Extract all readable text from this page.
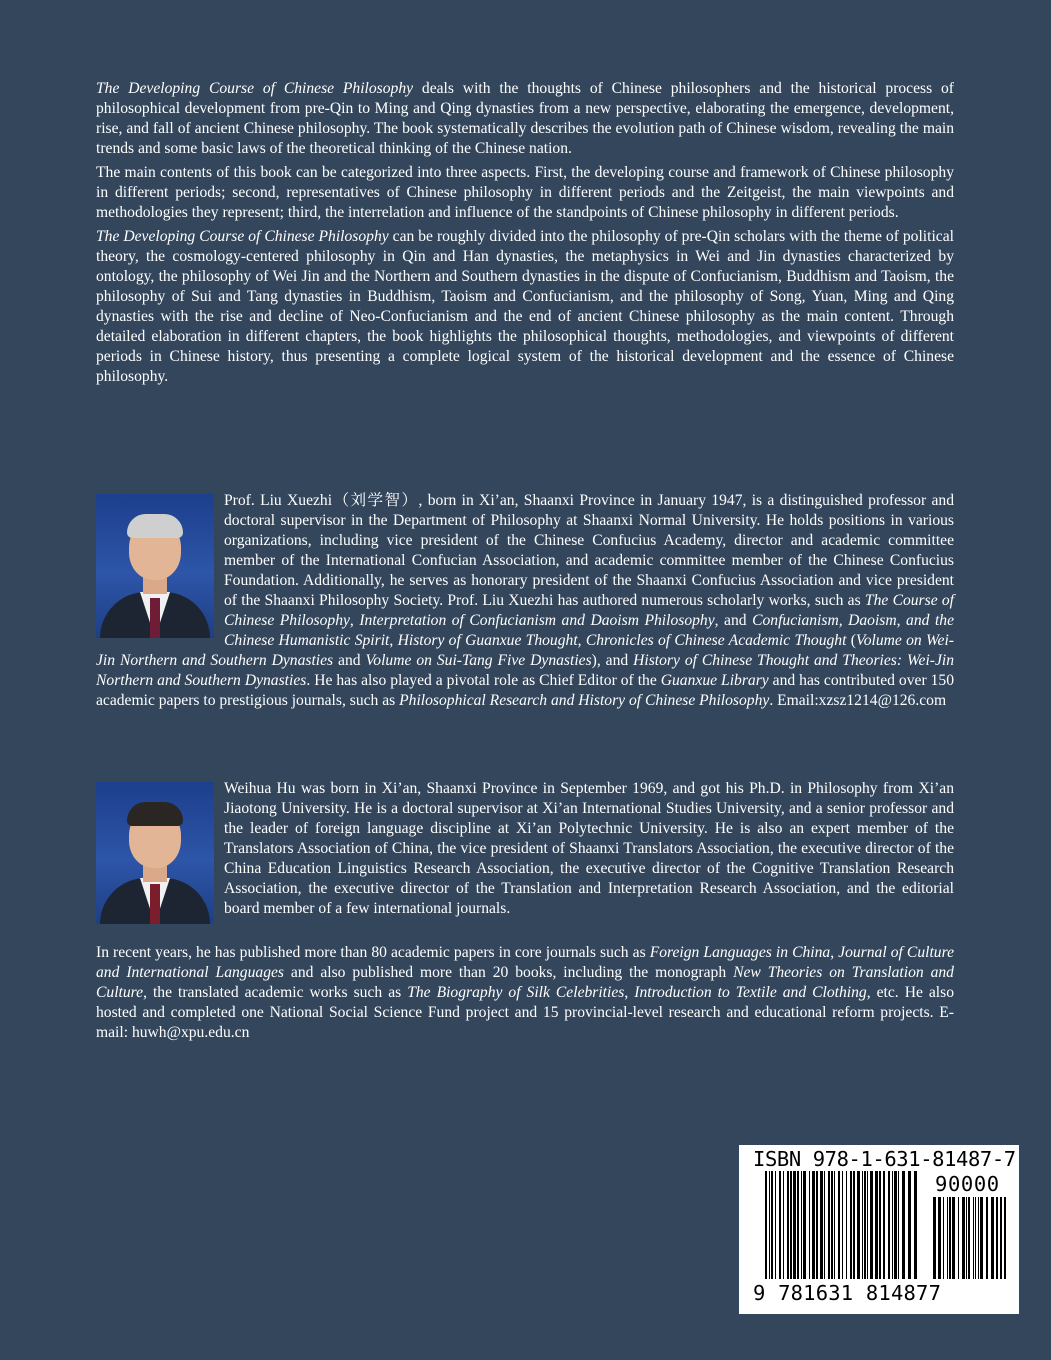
The Developing Course of Chinese Philosophy deals with the thoughts of Chinese philosophers and the historical process of philosophical development from pre-Qin to Ming and Qing dynasties from a new perspective, elaborating the emergence, development, rise, and fall of ancient Chinese philosophy. The book systematically describes the evolution path of Chinese wisdom, revealing the main trends and some basic laws of the theoretical thinking of the Chinese nation.

The main contents of this book can be categorized into three aspects. First, the developing course and framework of Chinese philosophy in different periods; second, representatives of Chinese philosophy in different periods and the Zeitgeist, the main viewpoints and methodologies they represent; third, the interrelation and influence of the standpoints of Chinese philosophy in different periods.

The Developing Course of Chinese Philosophy can be roughly divided into the philosophy of pre-Qin scholars with the theme of political theory, the cosmology-centered philosophy in Qin and Han dynasties, the metaphysics in Wei and Jin dynasties characterized by ontology, the philosophy of Wei Jin and the Northern and Southern dynasties in the dispute of Confucianism, Buddhism and Taoism, the philosophy of Sui and Tang dynasties in Buddhism, Taoism and Confucianism, and the philosophy of Song, Yuan, Ming and Qing dynasties with the rise and decline of Neo-Confucianism and the end of ancient Chinese philosophy as the main content. Through detailed elaboration in different chapters, the book highlights the philosophical thoughts, methodologies, and viewpoints of different periods in Chinese history, thus presenting a complete logical system of the historical development and the essence of Chinese philosophy.

Prof. Liu Xuezhi（刘学智）, born in Xi’an, Shaanxi Province in January 1947, is a distinguished professor and doctoral supervisor in the Department of Philosophy at Shaanxi Normal University. He holds positions in various organizations, including vice president of the Chinese Confucius Academy, director and academic committee member of the International Confucian Association, and academic committee member of the Chinese Confucius Foundation. Additionally, he serves as honorary president of the Shaanxi Confucius Association and vice president of the Shaanxi Philosophy Society. Prof. Liu Xuezhi has authored numerous scholarly works, such as The Course of Chinese Philosophy, Interpretation of Confucianism and Daoism Philosophy, and Confucianism, Daoism, and the Chinese Humanistic Spirit, History of Guanxue Thought, Chronicles of Chinese Academic Thought (Volume on Wei-Jin Northern and Southern Dynasties and Volume on Sui-Tang Five Dynasties), and History of Chinese Thought and Theories: Wei-Jin Northern and Southern Dynasties. He has also played a pivotal role as Chief Editor of the Guanxue Library and has contributed over 150 academic papers to prestigious journals, such as Philosophical Research and History of Chinese Philosophy. Email:xzsz1214@126.com

Weihua Hu was born in Xi’an, Shaanxi Province in September 1969, and got his Ph.D. in Philosophy from Xi’an Jiaotong University. He is a doctoral supervisor at Xi’an International Studies University, and a senior professor and the leader of foreign language discipline at Xi’an Polytechnic University. He is also an expert member of the Translators Association of China, the vice president of Shaanxi Translators Association, the executive director of the China Education Linguistics Research Association, the executive director of the Cognitive Translation Research Association, the executive director of the Translation and Interpretation Research Association, and the editorial board member of a few international journals.

In recent years, he has published more than 80 academic papers in core journals such as Foreign Languages in China, Journal of Culture and International Languages and also published more than 20 books, including the monograph New Theories on Translation and Culture, the translated academic works such as The Biography of Silk Celebrities, Introduction to Textile and Clothing, etc. He also hosted and completed one National Social Science Fund project and 15 provincial-level research and educational reform projects. E-mail: huwh@xpu.edu.cn

ISBN 978-1-631-81487-7
90000
9 781631 814877
